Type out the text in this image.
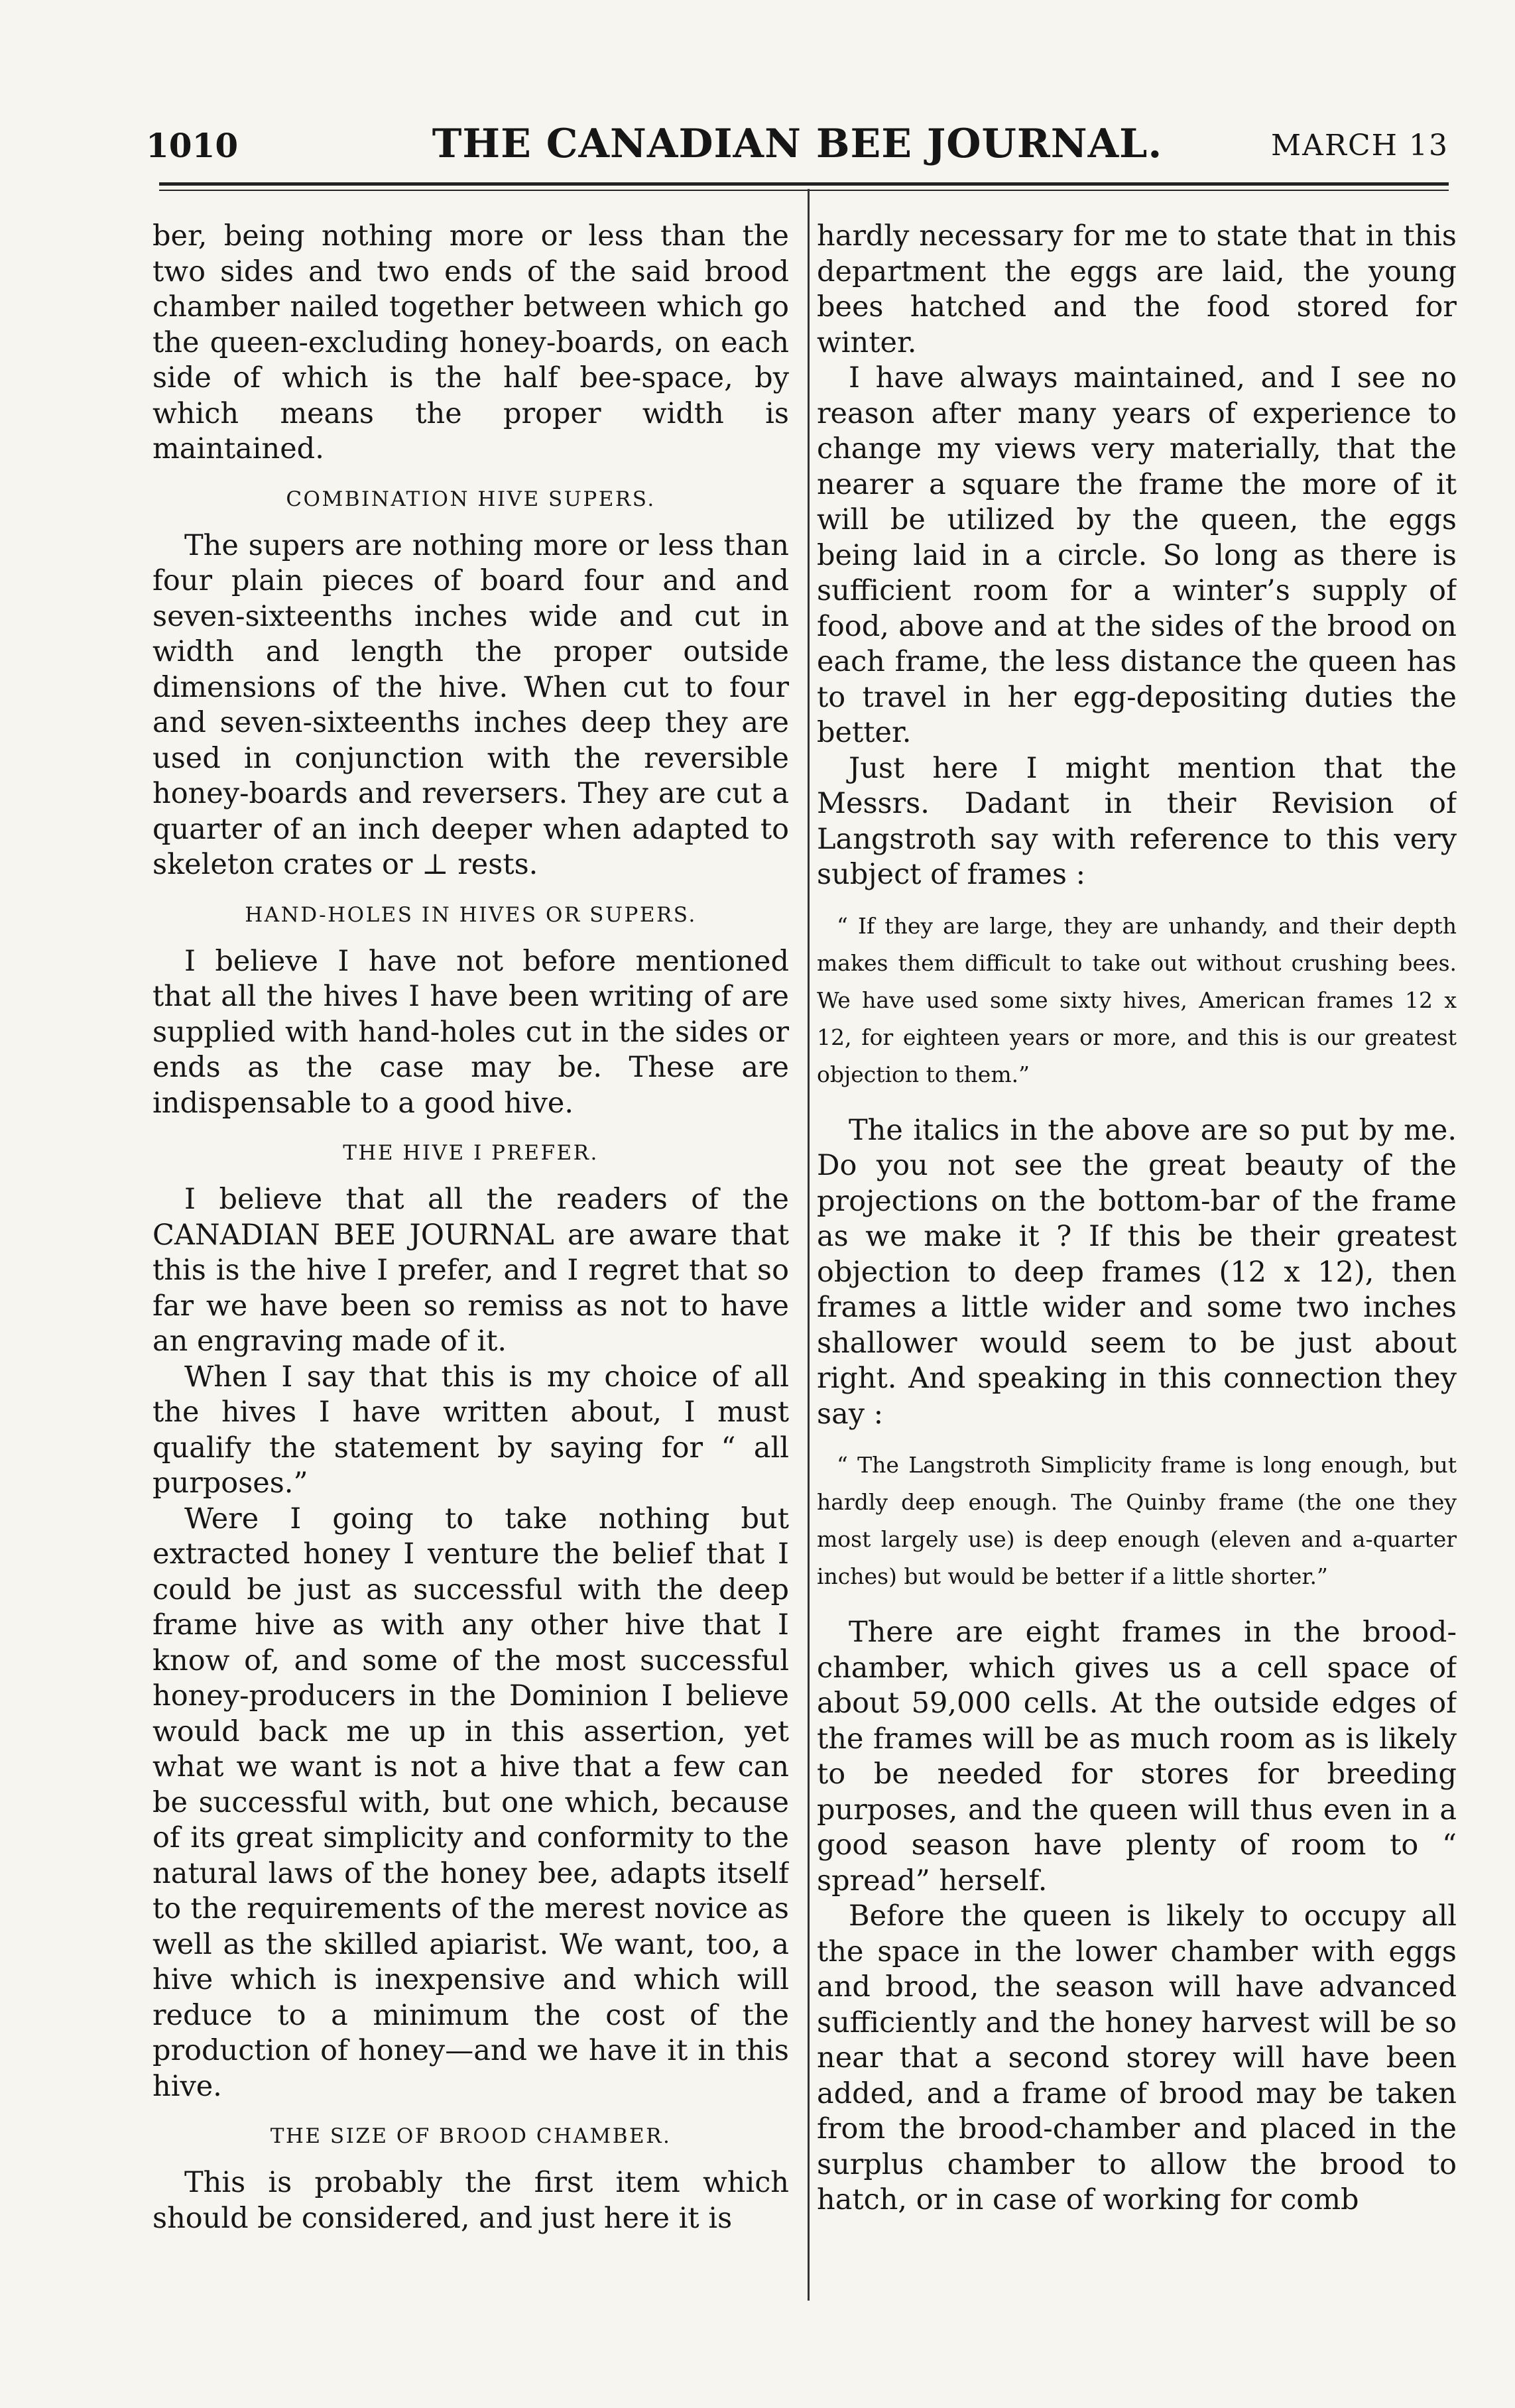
1010	THE CANADIAN BEE JOURNAL.	MARCH 13

ber, being nothing more or less than the two sides and two ends of the said brood chamber nailed together between which go the queen-excluding honey-boards, on each side of which is the half bee-space, by which means the proper width is maintained.

COMBINATION HIVE SUPERS.

The supers are nothing more or less than four plain pieces of board four and and seven-sixteenths inches wide and cut in width and length the proper outside dimensions of the hive. When cut to four and seven-sixteenths inches deep they are used in conjunction with the reversible honey-boards and reversers. They are cut a quarter of an inch deeper when adapted to skeleton crates or ⊥ rests.

HAND-HOLES IN HIVES OR SUPERS.

I believe I have not before mentioned that all the hives I have been writing of are supplied with hand-holes cut in the sides or ends as the case may be. These are indispensable to a good hive.

THE HIVE I PREFER.

I believe that all the readers of the CANADIAN BEE JOURNAL are aware that this is the hive I prefer, and I regret that so far we have been so remiss as not to have an engraving made of it.

When I say that this is my choice of all the hives I have written about, I must qualify the statement by saying for “ all purposes.”

Were I going to take nothing but extracted honey I venture the belief that I could be just as successful with the deep frame hive as with any other hive that I know of, and some of the most successful honey-producers in the Dominion I believe would back me up in this assertion, yet what we want is not a hive that a few can be successful with, but one which, because of its great simplicity and conformity to the natural laws of the honey bee, adapts itself to the requirements of the merest novice as well as the skilled apiarist. We want, too, a hive which is inexpensive and which will reduce to a minimum the cost of the production of honey—and we have it in this hive.

THE SIZE OF BROOD CHAMBER.

This is probably the first item which should be considered, and just here it is

hardly necessary for me to state that in this department the eggs are laid, the young bees hatched and the food stored for winter.

I have always maintained, and I see no reason after many years of experience to change my views very materially, that the nearer a square the frame the more of it will be utilized by the queen, the eggs being laid in a circle. So long as there is sufficient room for a winter’s supply of food, above and at the sides of the brood on each frame, the less distance the queen has to travel in her egg-depositing duties the better.

Just here I might mention that the Messrs. Dadant in their Revision of Langstroth say with reference to this very subject of frames :

“ If they are large, they are unhandy, and their depth makes them difficult to take out without crushing bees. We have used some sixty hives, American frames 12 x 12, for eighteen years or more, and this is our greatest objection to them.”

The italics in the above are so put by me. Do you not see the great beauty of the projections on the bottom-bar of the frame as we make it ? If this be their greatest objection to deep frames (12 x 12), then frames a little wider and some two inches shallower would seem to be just about right. And speaking in this connection they say :

“ The Langstroth Simplicity frame is long enough, but hardly deep enough. The Quinby frame (the one they most largely use) is deep enough (eleven and a-quarter inches) but would be better if a little shorter.”

There are eight frames in the brood-chamber, which gives us a cell space of about 59,000 cells. At the outside edges of the frames will be as much room as is likely to be needed for stores for breeding purposes, and the queen will thus even in a good season have plenty of room to “ spread” herself.

Before the queen is likely to occupy all the space in the lower chamber with eggs and brood, the season will have advanced sufficiently and the honey harvest will be so near that a second storey will have been added, and a frame of brood may be taken from the brood-chamber and placed in the surplus chamber to allow the brood to hatch, or in case of working for comb
